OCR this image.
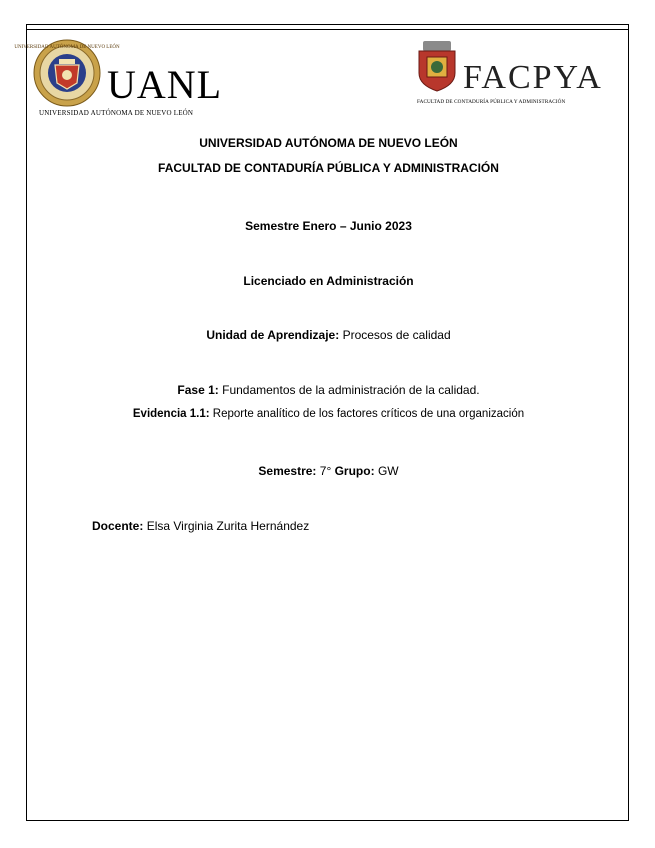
UNIVERSIDAD AUTÓNOMA DE NUEVO LEÓN
UANL
UNIVERSIDAD AUTÓNOMA DE NUEVO LEÓN
FACPYA
FACULTAD DE CONTADURÍA PÚBLICA Y ADMINISTRACIÓN
UNIVERSIDAD AUTÓNOMA DE NUEVO LEÓN
FACULTAD DE CONTADURÍA PÚBLICA Y ADMINISTRACIÓN
Semestre Enero – Junio 2023
Licenciado en Administración
Unidad de Aprendizaje: Procesos de calidad
Fase 1: Fundamentos de la administración de la calidad.
Evidencia 1.1: Reporte analítico de los factores críticos de una organización
Semestre: 7° Grupo: GW
Docente: Elsa Virginia Zurita Hernández
